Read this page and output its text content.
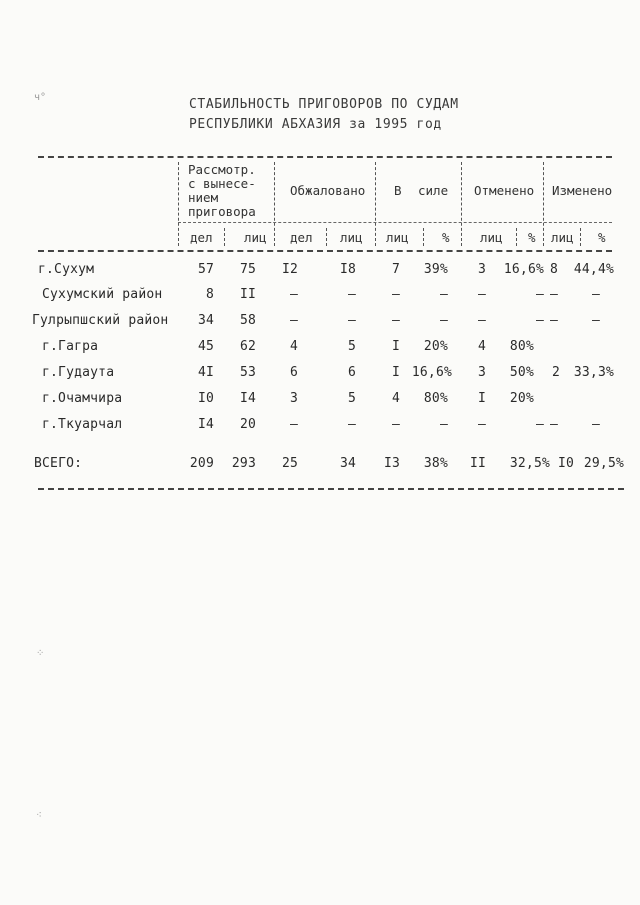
ч°
⁘
⁖
СТАБИЛЬНОСТЬ ПРИГОВОРОВ ПО СУДАМ
РЕСПУБЛИКИ АБХАЗИЯ за 1995 год
Рассмотр.
с вынесе-
нием
приговора
Обжаловано В силе Отменено Изменено
дел	лиц дел лиц лиц	% лиц % лиц %
г.Сухум	57	75	I2	I8	7	39%	3	16,6% 8 44,4%
Сухумский район	8	II	–	–	–	–	–	– –	–
Гулрыпшский район	34	58	–	–	–	–	–	– –	–
г.Гагра	45	62	4	5	I	20%	4	80%
г.Гудаута	4I	53	6	6	I 16,6%	3	50%	2	33,3%
г.Очамчира	I0	I4	3	5	4	80%	I	20%
г.Ткуарчал	I4	20	–	–	–	–	–	– –	–
ВСЕГО:	209	293	25	34	I3	38%	II	32,5% I0 29,5%
